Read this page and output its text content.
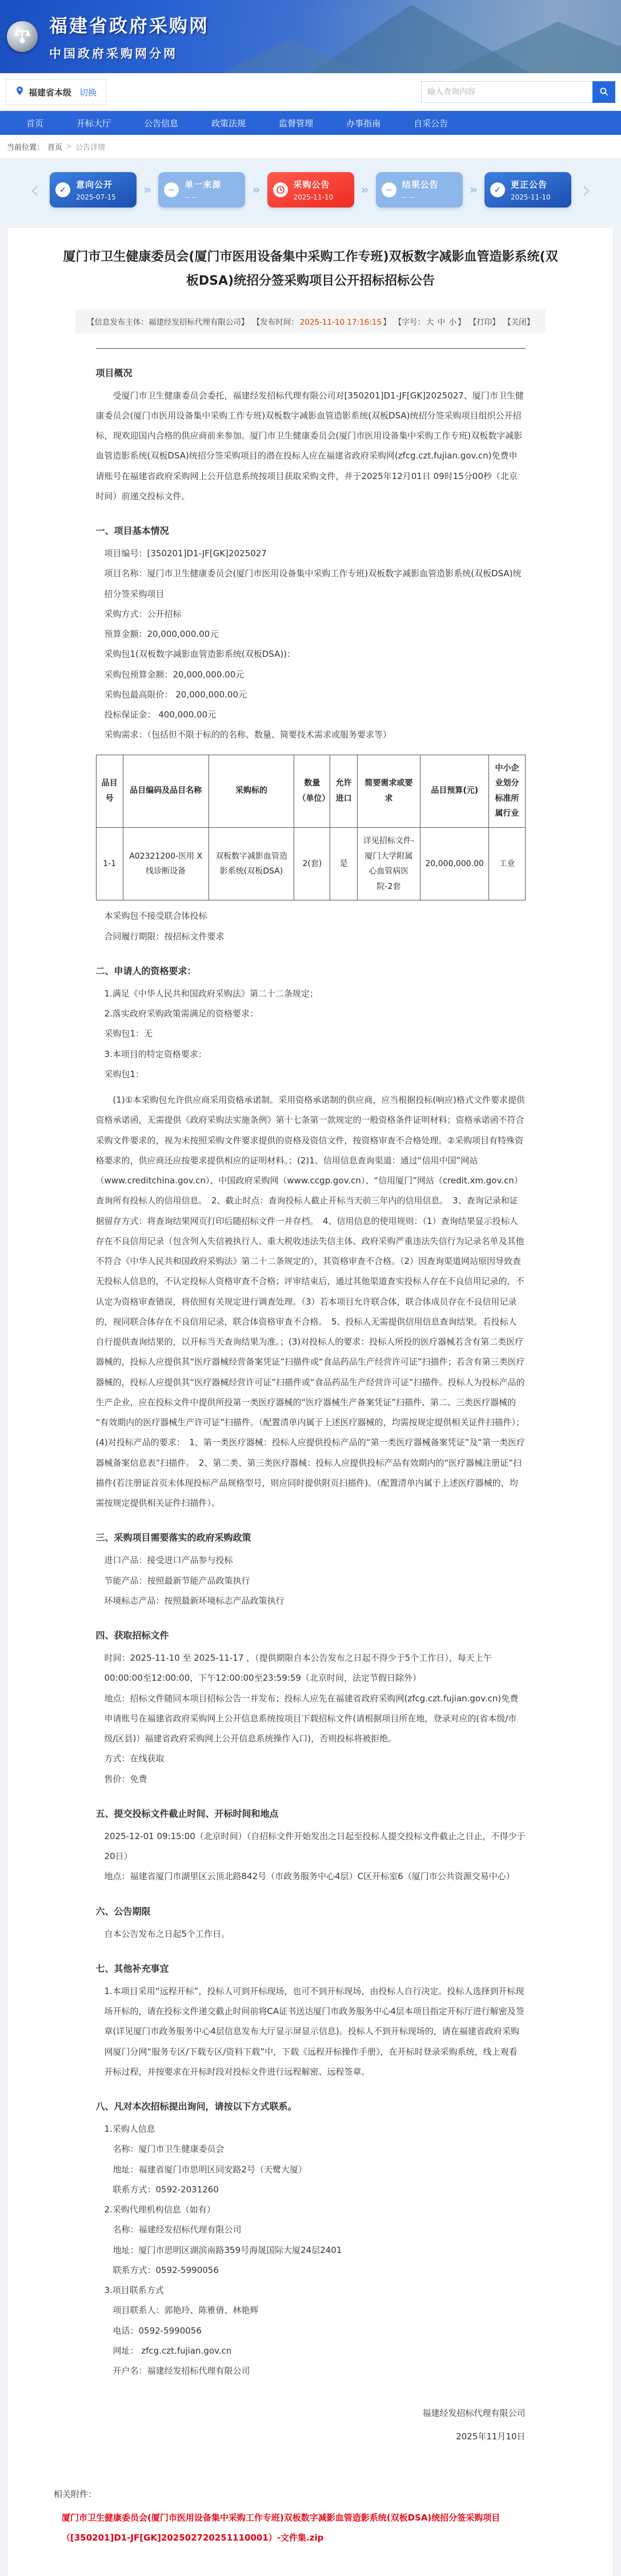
福建省政府采购网
中国政府采购网分网
福建省本级 切换
输入查询内容
首页	开标大厅	公告信息	政策法规	监督管理	办事指南	自采公告
当前位置： 首页 > 公告详情
‹	✓	意向公开
2025-07-15
»	−	单一来源
-- --
»	采购公告
2025-11-10
»	−	结果公告
-- --
»	✓	更正公告
2025-11-10 ›
厦门市卫生健康委员会(厦门市医用设备集中采购工作专班)双板数字减影血管造影系统(双板DSA)统招分签采购项目公开招标招标公告
【信息发布主体：福建经发招标代理有限公司】 【发布时间： 2025-11-10 17:16:15 】 【字号： 大 中 小 】 【打印】 【关闭】
项目概况

受厦门市卫生健康委员会委托，福建经发招标代理有限公司对[350201]D1-JF[GK]2025027、厦门市卫生健康委员会(厦门市医用设备集中采购工作专班)双板数字减影血管造影系统(双板DSA)统招分签采购项目组织公开招标，现欢迎国内合格的供应商前来参加。厦门市卫生健康委员会(厦门市医用设备集中采购工作专班)双板数字减影血管造影系统(双板DSA)统招分签采购项目的潜在投标人应在福建省政府采购网(zfcg.czt.fujian.gov.cn)免费申请账号在福建省政府采购网上公开信息系统按项目获取采购文件，并于2025年12月01日 09时15分00秒（北京时间）前递交投标文件。

一、项目基本情况

项目编号：[350201]D1-JF[GK]2025027

项目名称：厦门市卫生健康委员会(厦门市医用设备集中采购工作专班)双板数字减影血管造影系统(双板DSA)统招分签采购项目

采购方式：公开招标

预算金额：20,000,000.00元

采购包1(双板数字减影血管造影系统(双板DSA))：

采购包预算金额：20,000,000.00元

采购包最高限价： 20,000,000.00元

投标保证金： 400,000.00元

采购需求：（包括但不限于标的的名称、数量、简要技术需求或服务要求等）

品目号	品目编码及品目名称	采购标的	数量（单位）	允许进口	简要需求或要求	品目预算(元)	中小企业划分标准所属行业
1-1	A02321200-医用 X 线诊断设备	双板数字减影血管造影系统(双板DSA)	2(套)	是	详见招标文件-厦门大学附属心血管病医院-2套	20,000,000.00	工业

本采购包不接受联合体投标

合同履行期限：按招标文件要求

二、申请人的资格要求：

1.满足《中华人民共和国政府采购法》第二十二条规定；

2.落实政府采购政策需满足的资格要求：

采购包1：无

3.本项目的特定资格要求：

采购包1：

(1)①本采购包允许供应商采用资格承诺制。采用资格承诺制的供应商，应当根据投标(响应)格式文件要求提供资格承诺函，无需提供《政府采购法实施条例》第十七条第一款规定的一般资格条件证明材料；资格承诺函不符合采购文件要求的，视为未按照采购文件要求提供的资格及资信文件，按资格审查不合格处理。②采购项目有特殊资格要求的，供应商还应按要求提供相应的证明材料。；(2)1、信用信息查询渠道：通过“信用中国”网站（www.creditchina.gov.cn）、中国政府采购网（www.ccgp.gov.cn）、“信用厦门”网站（credit.xm.gov.cn）查询所有投标人的信用信息。　2、截止时点：查询投标人截止开标当天前三年内的信用信息。　3、查询记录和证据留存方式：将查询结果网页打印后随招标文件一并存档。　4、信用信息的使用规则：（1）查询结果显示投标人存在不良信用记录（包含列入失信被执行人、重大税收违法失信主体、政府采购严重违法失信行为记录名单及其他不符合《中华人民共和国政府采购法》第二十二条规定的），其资格审查不合格。（2）因查询渠道网站原因导致查无投标人信息的，不认定投标人资格审查不合格；评审结束后，通过其他渠道查实投标人存在不良信用记录的，不认定为资格审查错误，将依照有关规定进行调查处理。（3）若本项目允许联合体，联合体成员存在不良信用记录的，视同联合体存在不良信用记录，联合体资格审查不合格。　5、投标人无需提供信用信息查询结果。若投标人自行提供查询结果的，以开标当天查询结果为准。；(3)对投标人的要求：投标人所投的医疗器械若含有第二类医疗器械的，投标人应提供其“医疗器械经营备案凭证”扫描件或“食品药品生产经营许可证”扫描件；若含有第三类医疗器械的，投标人应提供其“医疗器械经营许可证”扫描件或“食品药品生产经营许可证”扫描件。投标人为投标产品的生产企业，应在投标文件中提供所投第一类医疗器械的“医疗器械生产备案凭证”扫描件、第二、三类医疗器械的“有效期内的医疗器械生产许可证”扫描件。（配置清单内属于上述医疗器械的，均需按规定提供相关证件扫描件）；(4)对投标产品的要求：　1、第一类医疗器械：投标人应提供投标产品的“第一类医疗器械备案凭证”及“第一类医疗器械备案信息表”扫描件。　2、第二类、第三类医疗器械：投标人应提供投标产品有效期内的“医疗器械注册证”扫描件(若注册证首页未体现投标产品规格型号，则应同时提供附页扫描件)。（配置清单内属于上述医疗器械的，均需按规定提供相关证件扫描件）。

三、采购项目需要落实的政府采购政策

进口产品：接受进口产品参与投标

节能产品：按照最新节能产品政策执行

环境标志产品：按照最新环境标志产品政策执行

四、获取招标文件

时间：2025-11-10 至 2025-11-17 ，（提供期限自本公告发布之日起不得少于5个工作日），每天上午00:00:00至12:00:00，下午12:00:00至23:59:59（北京时间，法定节假日除外）

地点：招标文件随同本项目招标公告一并发布；投标人应先在福建省政府采购网(zfcg.czt.fujian.gov.cn)免费申请账号在福建省政府采购网上公开信息系统按项目下载招标文件(请根据项目所在地，登录对应的(省本级/市级/区县)）福建省政府采购网上公开信息系统操作入口)，否则投标将被拒绝。

方式：在线获取

售价：免费

五、提交投标文件截止时间、开标时间和地点

2025-12-01 09:15:00（北京时间）（自招标文件开始发出之日起至投标人提交投标文件截止之日止，不得少于20日）

地点：福建省厦门市湖里区云顶北路842号（市政务服务中心4层）C区开标室6（厦门市公共资源交易中心）

六、公告期限

自本公告发布之日起5个工作日。

七、其他补充事宜

1.本项目采用“远程开标”，投标人可到开标现场，也可不到开标现场，由投标人自行决定。投标人选择到开标现场开标的，请在投标文件递交截止时间前将CA证书送达厦门市政务服务中心4层本项目指定开标厅进行解密及签章(详见厦门市政务服务中心4层信息发布大厅显示屏显示信息)。投标人不到开标现场的，请在福建省政府采购网厦门分网“服务专区/下载专区/资料下载”中，下载《远程开标操作手册》，在开标时登录采购系统，线上观看开标过程，并按要求在开标时段对投标文件进行远程解密、远程签章。

八、凡对本次招标提出询问，请按以下方式联系。

1.采购人信息

名称：厦门市卫生健康委员会

地址：福建省厦门市思明区同安路2号（天鹭大厦）

联系方式：0592-2031260

2.采购代理机构信息（如有）

名称：福建经发招标代理有限公司

地址：厦门市思明区湖滨南路359号海晟国际大厦24层2401

联系方式：0592-5990056

3.项目联系方式

项目联系人：郭艳玲、陈雅倩、林艳辉

电话：0592-5990056

网址： zfcg.czt.fujian.gov.cn

开户名：福建经发招标代理有限公司

福建经发招标代理有限公司
2025年11月10日
相关附件：
厦门市卫生健康委员会(厦门市医用设备集中采购工作专班)双板数字减影血管造影系统(双板DSA)统招分签采购项目（[350201]D1-JF[GK]202502720251110001）-文件集.zip
